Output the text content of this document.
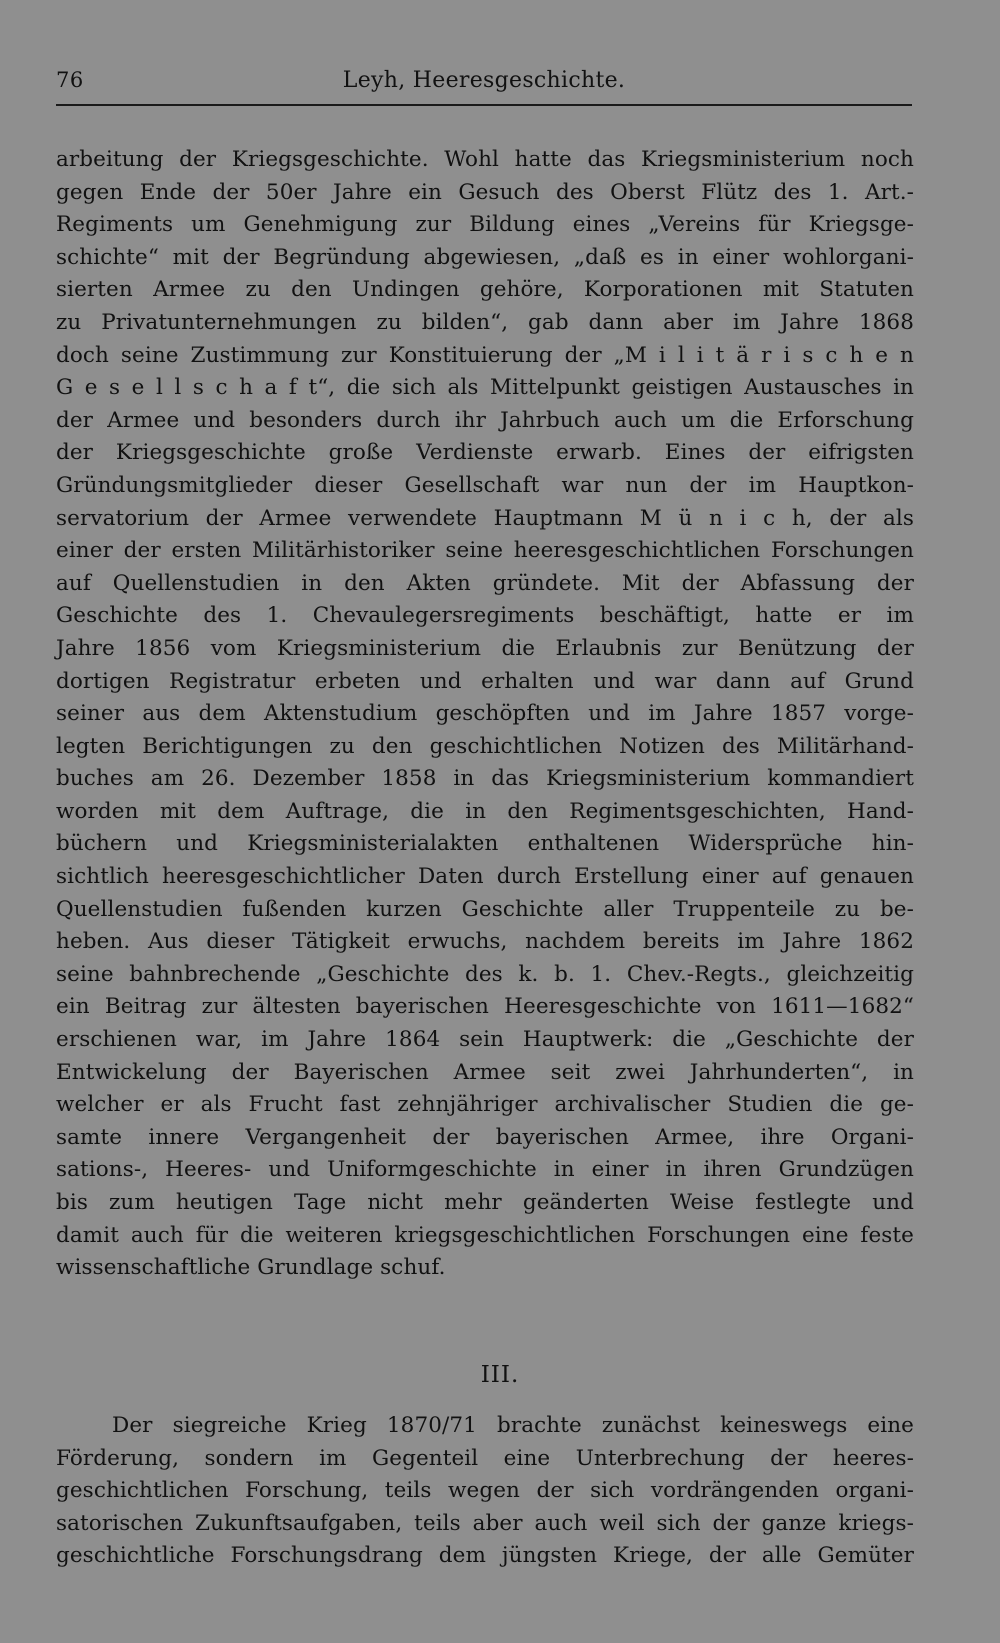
76	Leyh, Heeresgeschichte.
arbeitung der Kriegsgeschichte. Wohl hatte das Kriegsministerium noch
gegen Ende der 50er Jahre ein Gesuch des Oberst Flütz des 1. Art.-
Regiments um Genehmigung zur Bildung eines „Vereins für Kriegsge-
schichte“ mit der Begründung abgewiesen, „daß es in einer wohlorgani-
sierten Armee zu den Undingen gehöre, Korporationen mit Statuten
zu Privatunternehmungen zu bilden“, gab dann aber im Jahre 1868
doch seine Zustimmung zur Konstituierung der „M i l i t ä r i s c h e n
G e s e l l s c h a f t“, die sich als Mittelpunkt geistigen Austausches in
der Armee und besonders durch ihr Jahrbuch auch um die Erforschung
der Kriegsgeschichte große Verdienste erwarb. Eines der eifrigsten
Gründungsmitglieder dieser Gesellschaft war nun der im Hauptkon-
servatorium der Armee verwendete Hauptmann M ü n i c h, der als
einer der ersten Militärhistoriker seine heeresgeschichtlichen Forschungen
auf Quellenstudien in den Akten gründete. Mit der Abfassung der
Geschichte des 1. Chevaulegersregiments beschäftigt, hatte er im
Jahre 1856 vom Kriegsministerium die Erlaubnis zur Benützung der
dortigen Registratur erbeten und erhalten und war dann auf Grund
seiner aus dem Aktenstudium geschöpften und im Jahre 1857 vorge-
legten Berichtigungen zu den geschichtlichen Notizen des Militärhand-
buches am 26. Dezember 1858 in das Kriegsministerium kommandiert
worden mit dem Auftrage, die in den Regimentsgeschichten, Hand-
büchern und Kriegsministerialakten enthaltenen Widersprüche hin-
sichtlich heeresgeschichtlicher Daten durch Erstellung einer auf genauen
Quellenstudien fußenden kurzen Geschichte aller Truppenteile zu be-
heben. Aus dieser Tätigkeit erwuchs, nachdem bereits im Jahre 1862
seine bahnbrechende „Geschichte des k. b. 1. Chev.-Regts., gleichzeitig
ein Beitrag zur ältesten bayerischen Heeresgeschichte von 1611—1682“
erschienen war, im Jahre 1864 sein Hauptwerk: die „Geschichte der
Entwickelung der Bayerischen Armee seit zwei Jahrhunderten“, in
welcher er als Frucht fast zehnjähriger archivalischer Studien die ge-
samte innere Vergangenheit der bayerischen Armee, ihre Organi-
sations-, Heeres- und Uniformgeschichte in einer in ihren Grundzügen
bis zum heutigen Tage nicht mehr geänderten Weise festlegte und
damit auch für die weiteren kriegsgeschichtlichen Forschungen eine feste
wissenschaftliche Grundlage schuf.
III.
Der siegreiche Krieg 1870/71 brachte zunächst keineswegs eine
Förderung, sondern im Gegenteil eine Unterbrechung der heeres-
geschichtlichen Forschung, teils wegen der sich vordrängenden organi-
satorischen Zukunftsaufgaben, teils aber auch weil sich der ganze kriegs-
geschichtliche Forschungsdrang dem jüngsten Kriege, der alle Gemüter
